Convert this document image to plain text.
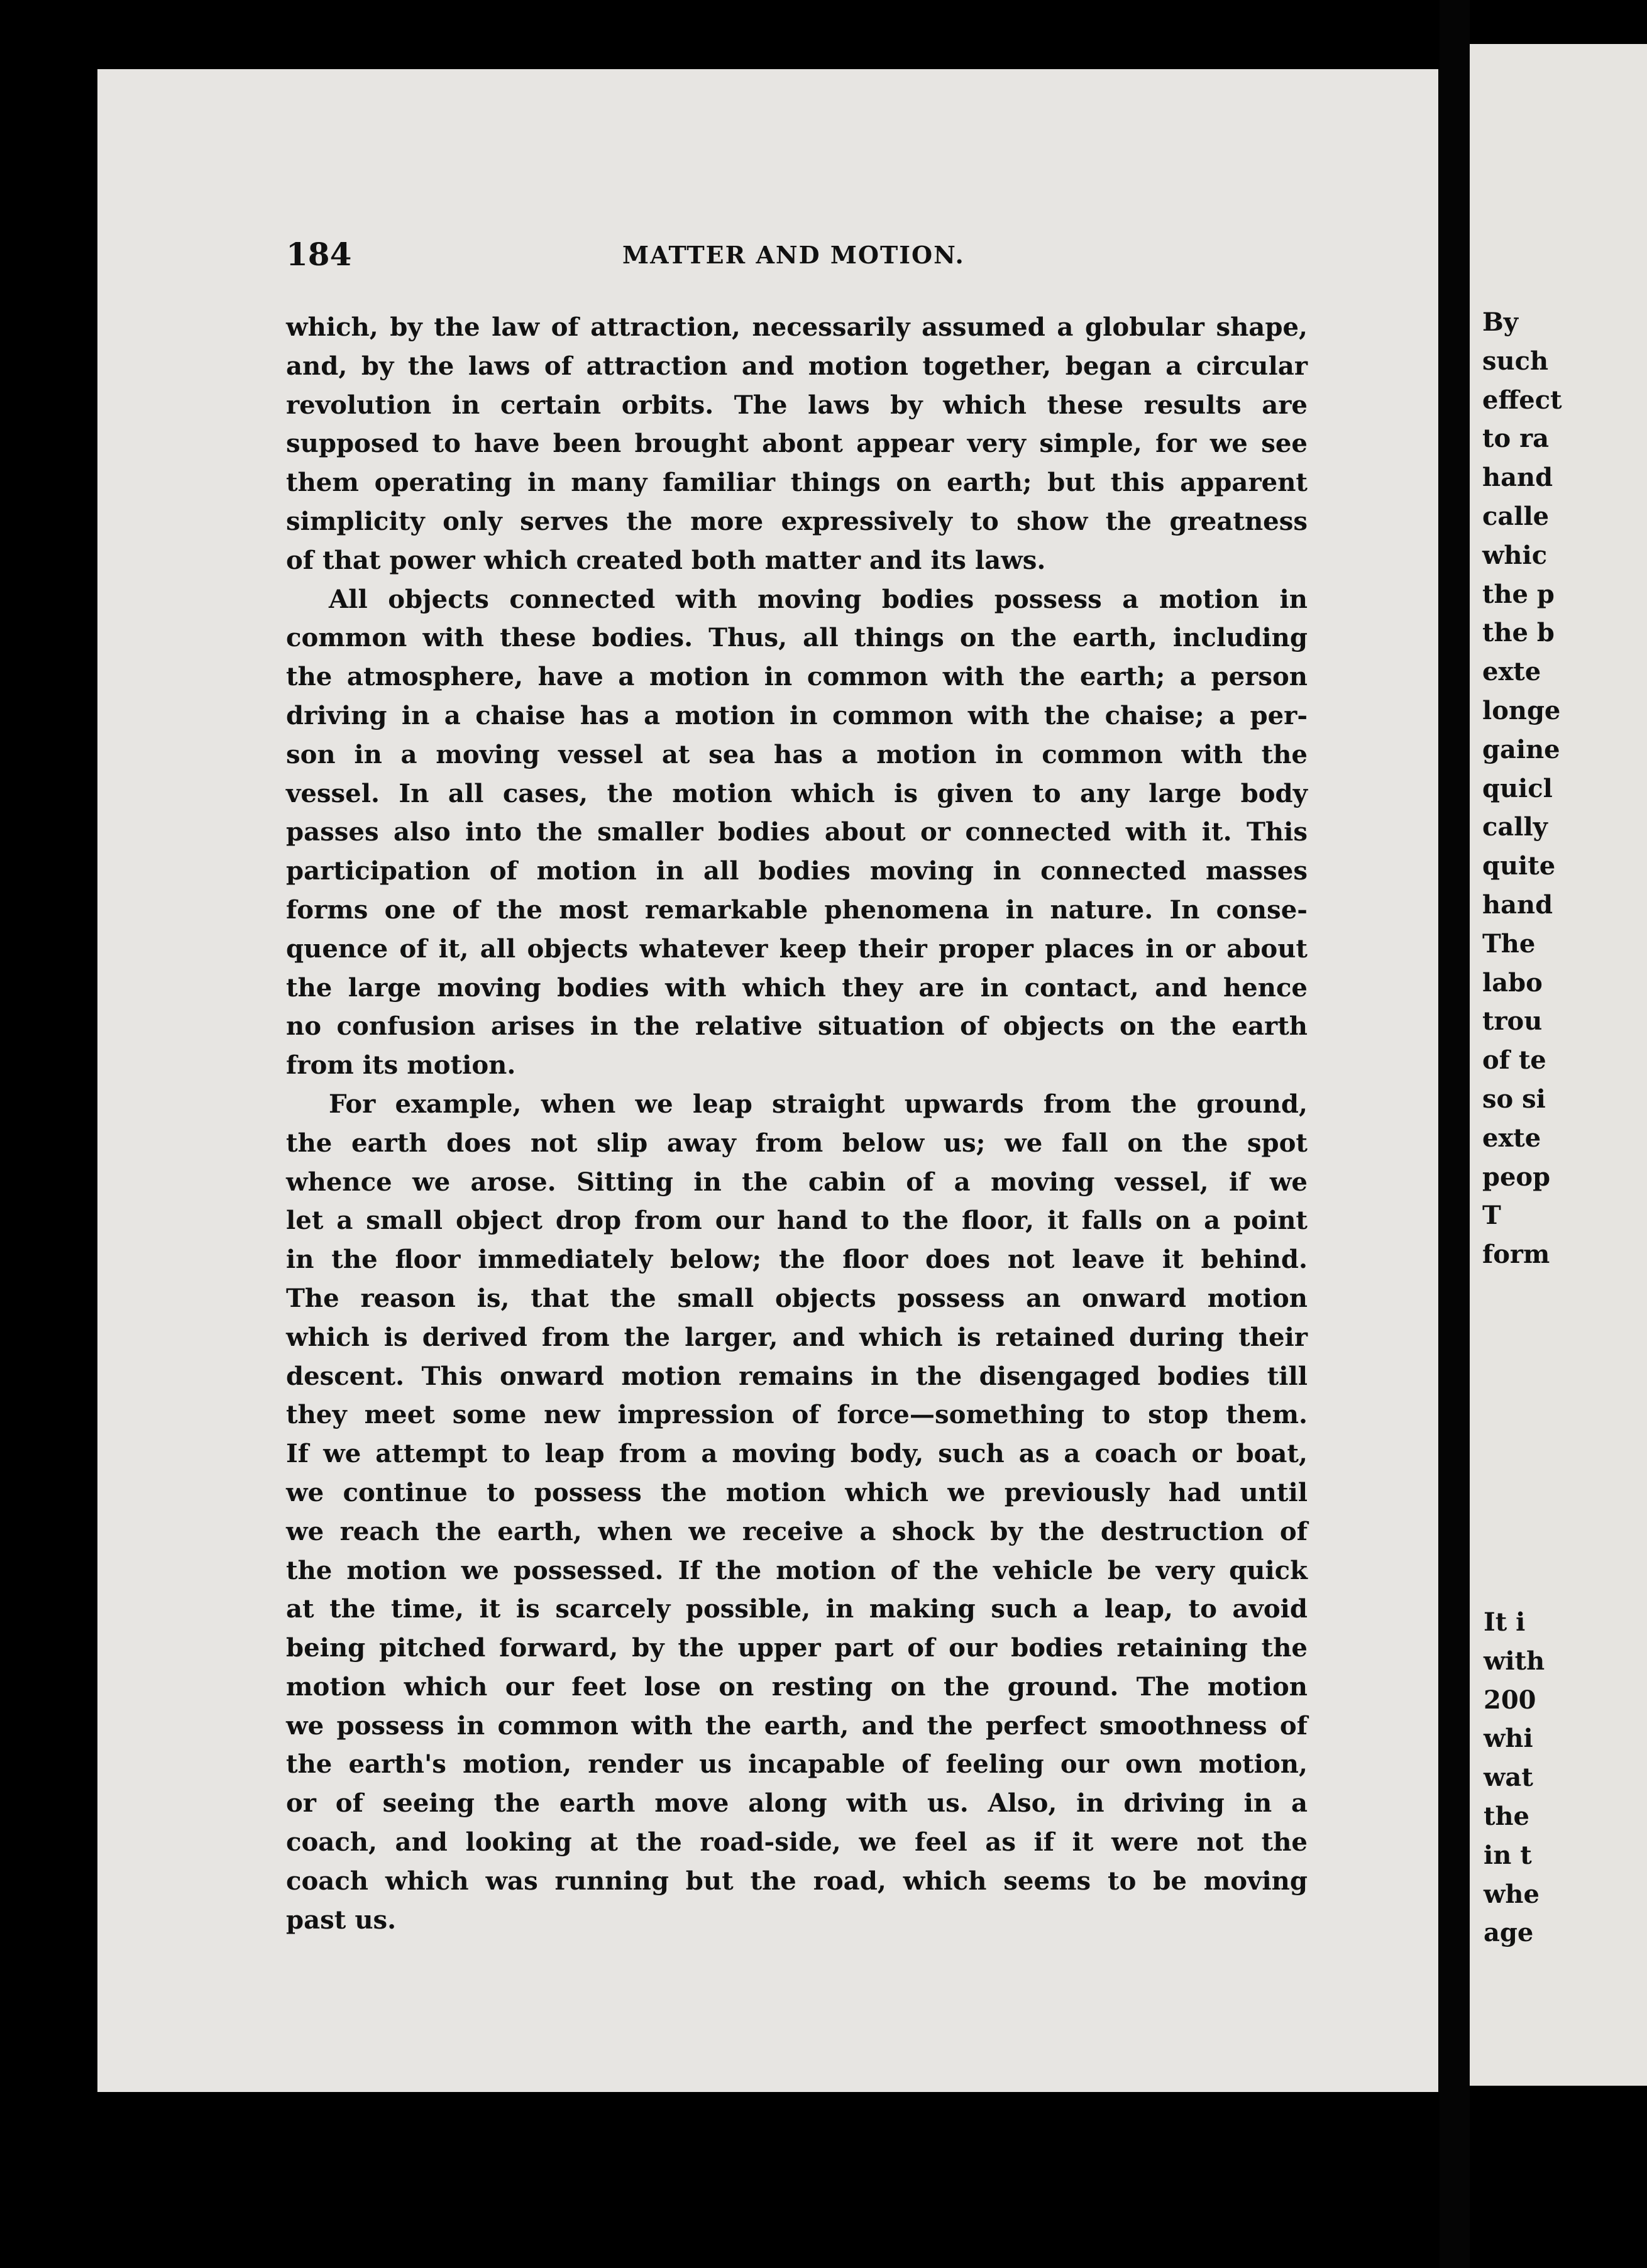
184	MATTER AND MOTION.

which, by the law of attraction, necessarily assumed a globular shape,

and, by the laws of attraction and motion together, began a circular

revolution in certain orbits. The laws by which these results are

supposed to have been brought abont appear very simple, for we see

them operating in many familiar things on earth; but this apparent

simplicity only serves the more expressively to show the greatness

of that power which created both matter and its laws.

All objects connected with moving bodies possess a motion in

common with these bodies. Thus, all things on the earth, including

the atmosphere, have a motion in common with the earth; a person

driving in a chaise has a motion in common with the chaise; a per-

son in a moving vessel at sea has a motion in common with the

vessel. In all cases, the motion which is given to any large body

passes also into the smaller bodies about or connected with it. This

participation of motion in all bodies moving in connected masses

forms one of the most remarkable phenomena in nature. In conse-

quence of it, all objects whatever keep their proper places in or about

the large moving bodies with which they are in contact, and hence

no confusion arises in the relative situation of objects on the earth

from its motion.

For example, when we leap straight upwards from the ground,

the earth does not slip away from below us; we fall on the spot

whence we arose. Sitting in the cabin of a moving vessel, if we

let a small object drop from our hand to the floor, it falls on a point

in the floor immediately below; the floor does not leave it behind.

The reason is, that the small objects possess an onward motion

which is derived from the larger, and which is retained during their

descent. This onward motion remains in the disengaged bodies till

they meet some new impression of force—something to stop them.

If we attempt to leap from a moving body, such as a coach or boat,

we continue to possess the motion which we previously had until

we reach the earth, when we receive a shock by the destruction of

the motion we possessed. If the motion of the vehicle be very quick

at the time, it is scarcely possible, in making such a leap, to avoid

being pitched forward, by the upper part of our bodies retaining the

motion which our feet lose on resting on the ground. The motion

we possess in common with the earth, and the perfect smoothness of

the earth's motion, render us incapable of feeling our own motion,

or of seeing the earth move along with us. Also, in driving in a

coach, and looking at the road-side, we feel as if it were not the

coach which was running but the road, which seems to be moving

past us.

By

such

effect

to ra

hand

calle

whic

the p

the b

exte

longe

gaine

quicl

cally

quite

hand

The

labo

trou

of te

so si

exte

peop

T

form

It i

with

200

whi

wat

the

in t

whe

age
